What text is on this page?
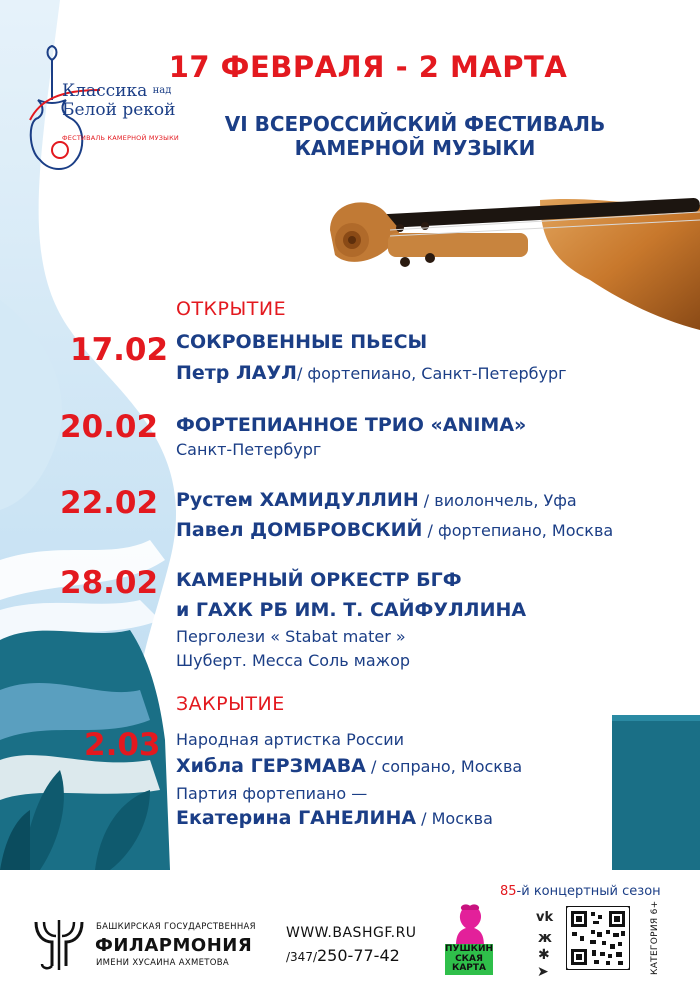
Классика $^{над}$
Белой рекой
ФЕСТИВАЛЬ КАМЕРНОЙ МУЗЫКИ
17 ФЕВРАЛЯ - 2 МАРТА
VI ВСЕРОССИЙСКИЙ ФЕСТИВАЛЬ
КАМЕРНОЙ МУЗЫКИ
ОТКРЫТИЕ
17.02 СОКРОВЕННЫЕ ПЬЕСЫ
Петр ЛАУЛ/ фортепиано, Санкт-Петербург
20.02 ФОРТЕПИАННОЕ ТРИО «ANIMA»
Санкт-Петербург
22.02 Рустем ХАМИДУЛЛИН / виолончель, Уфа
Павел ДОМБРОВСКИЙ / фортепиано, Москва
28.02 КАМЕРНЫЙ ОРКЕСТР БГФ
и ГАХК РБ ИМ. Т. САЙФУЛЛИНА
Перголези « Stabat mater »
Шуберт. Месса Соль мажор
ЗАКРЫТИЕ
2.03 Народная артистка России
Хибла ГЕРЗМАВА / сопрано, Москва
Партия фортепиано —
Екатерина ГАНЕЛИНА / Москва
85-й концертный сезон
БАШКИРСКАЯ ГОСУДАРСТВЕННАЯ
ФИЛАРМОНИЯ
ИМЕНИ ХУСАИНА АХМЕТОВА
WWW.BASHGF.RU
/347/250-77-42	ПУШКИН
СКАЯ
КАРТА
vk
ж
✱
➤	КАТЕГОРИЯ 6+
